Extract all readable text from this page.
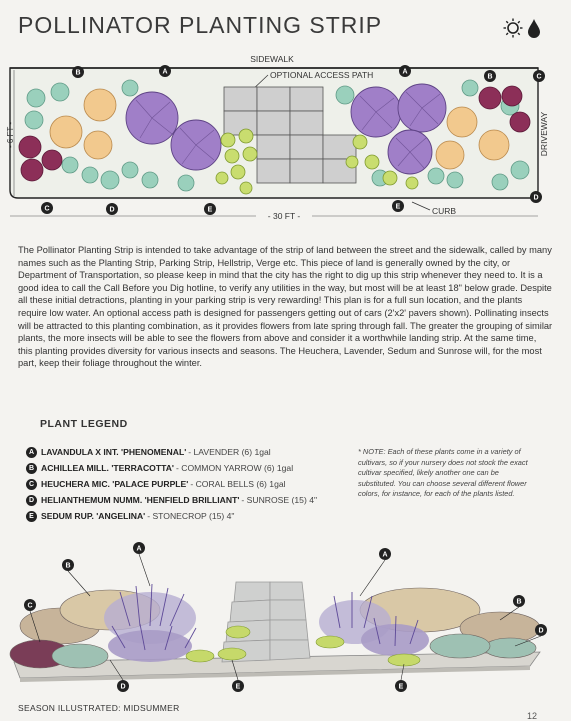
POLLINATOR PLANTING STRIP
- 6 FT -	DRIVEWAY
SIDEWALK
OPTIONAL ACCESS PATH
- 30 FT -	CURB
B	A	A
B	C
C	D	E	E
D
The Pollinator Planting Strip is intended to take advantage of the strip of land between the street and the sidewalk, called by many names such as the Planting Strip, Parking Strip, Hellstrip, Verge etc. This piece of land is generally owned by the city, or Department of Transportation, so please keep in mind that the city has the right to dig up this strip whenever they need to. It is a good idea to call the Call Before you Dig hotline, to verify any utilities in the way, but most will be at least 18" below grade. Despite all these initial detractions, planting in your parking strip is very rewarding! This plan is for a full sun location, and the plants require low water. An optional access path is designed for passengers getting out of cars (2'x2' pavers shown). Pollinating insects will be attracted to this planting combination, as it provides flowers from late spring through fall. The greater the grouping of similar plants, the more insects will be able to see the flowers from above and consider it a worthwhile landing strip. At the same time, this planting provides diversity for various insects and seasons. The Heuchera, Lavender, Sedum and Sunrose will, for the most part, keep their foliage throughout the winter.
PLANT LEGEND
A LAVANDULA X INT. 'PHENOMENAL' - LAVENDER (6) 1gal
B ACHILLEA MILL. 'TERRACOTTA' - COMMON YARROW (6) 1gal
C HEUCHERA MIC. 'PALACE PURPLE' - CORAL BELLS (6) 1gal
D HELIANTHEMUM NUMM. 'HENFIELD BRILLIANT' - SUNROSE (15) 4"
E SEDUM RUP. 'ANGELINA' - STONECROP (15) 4"
* NOTE: Each of these plants come in a variety of cultivars, so if your nursery does not stock the exact cultivar specified, likely another one can be substituted. You can choose several different flower colors, for instance, for each of the plants listed.
A
A
B
B
C
D
D	E	E
SEASON ILLUSTRATED: MIDSUMMER
12
